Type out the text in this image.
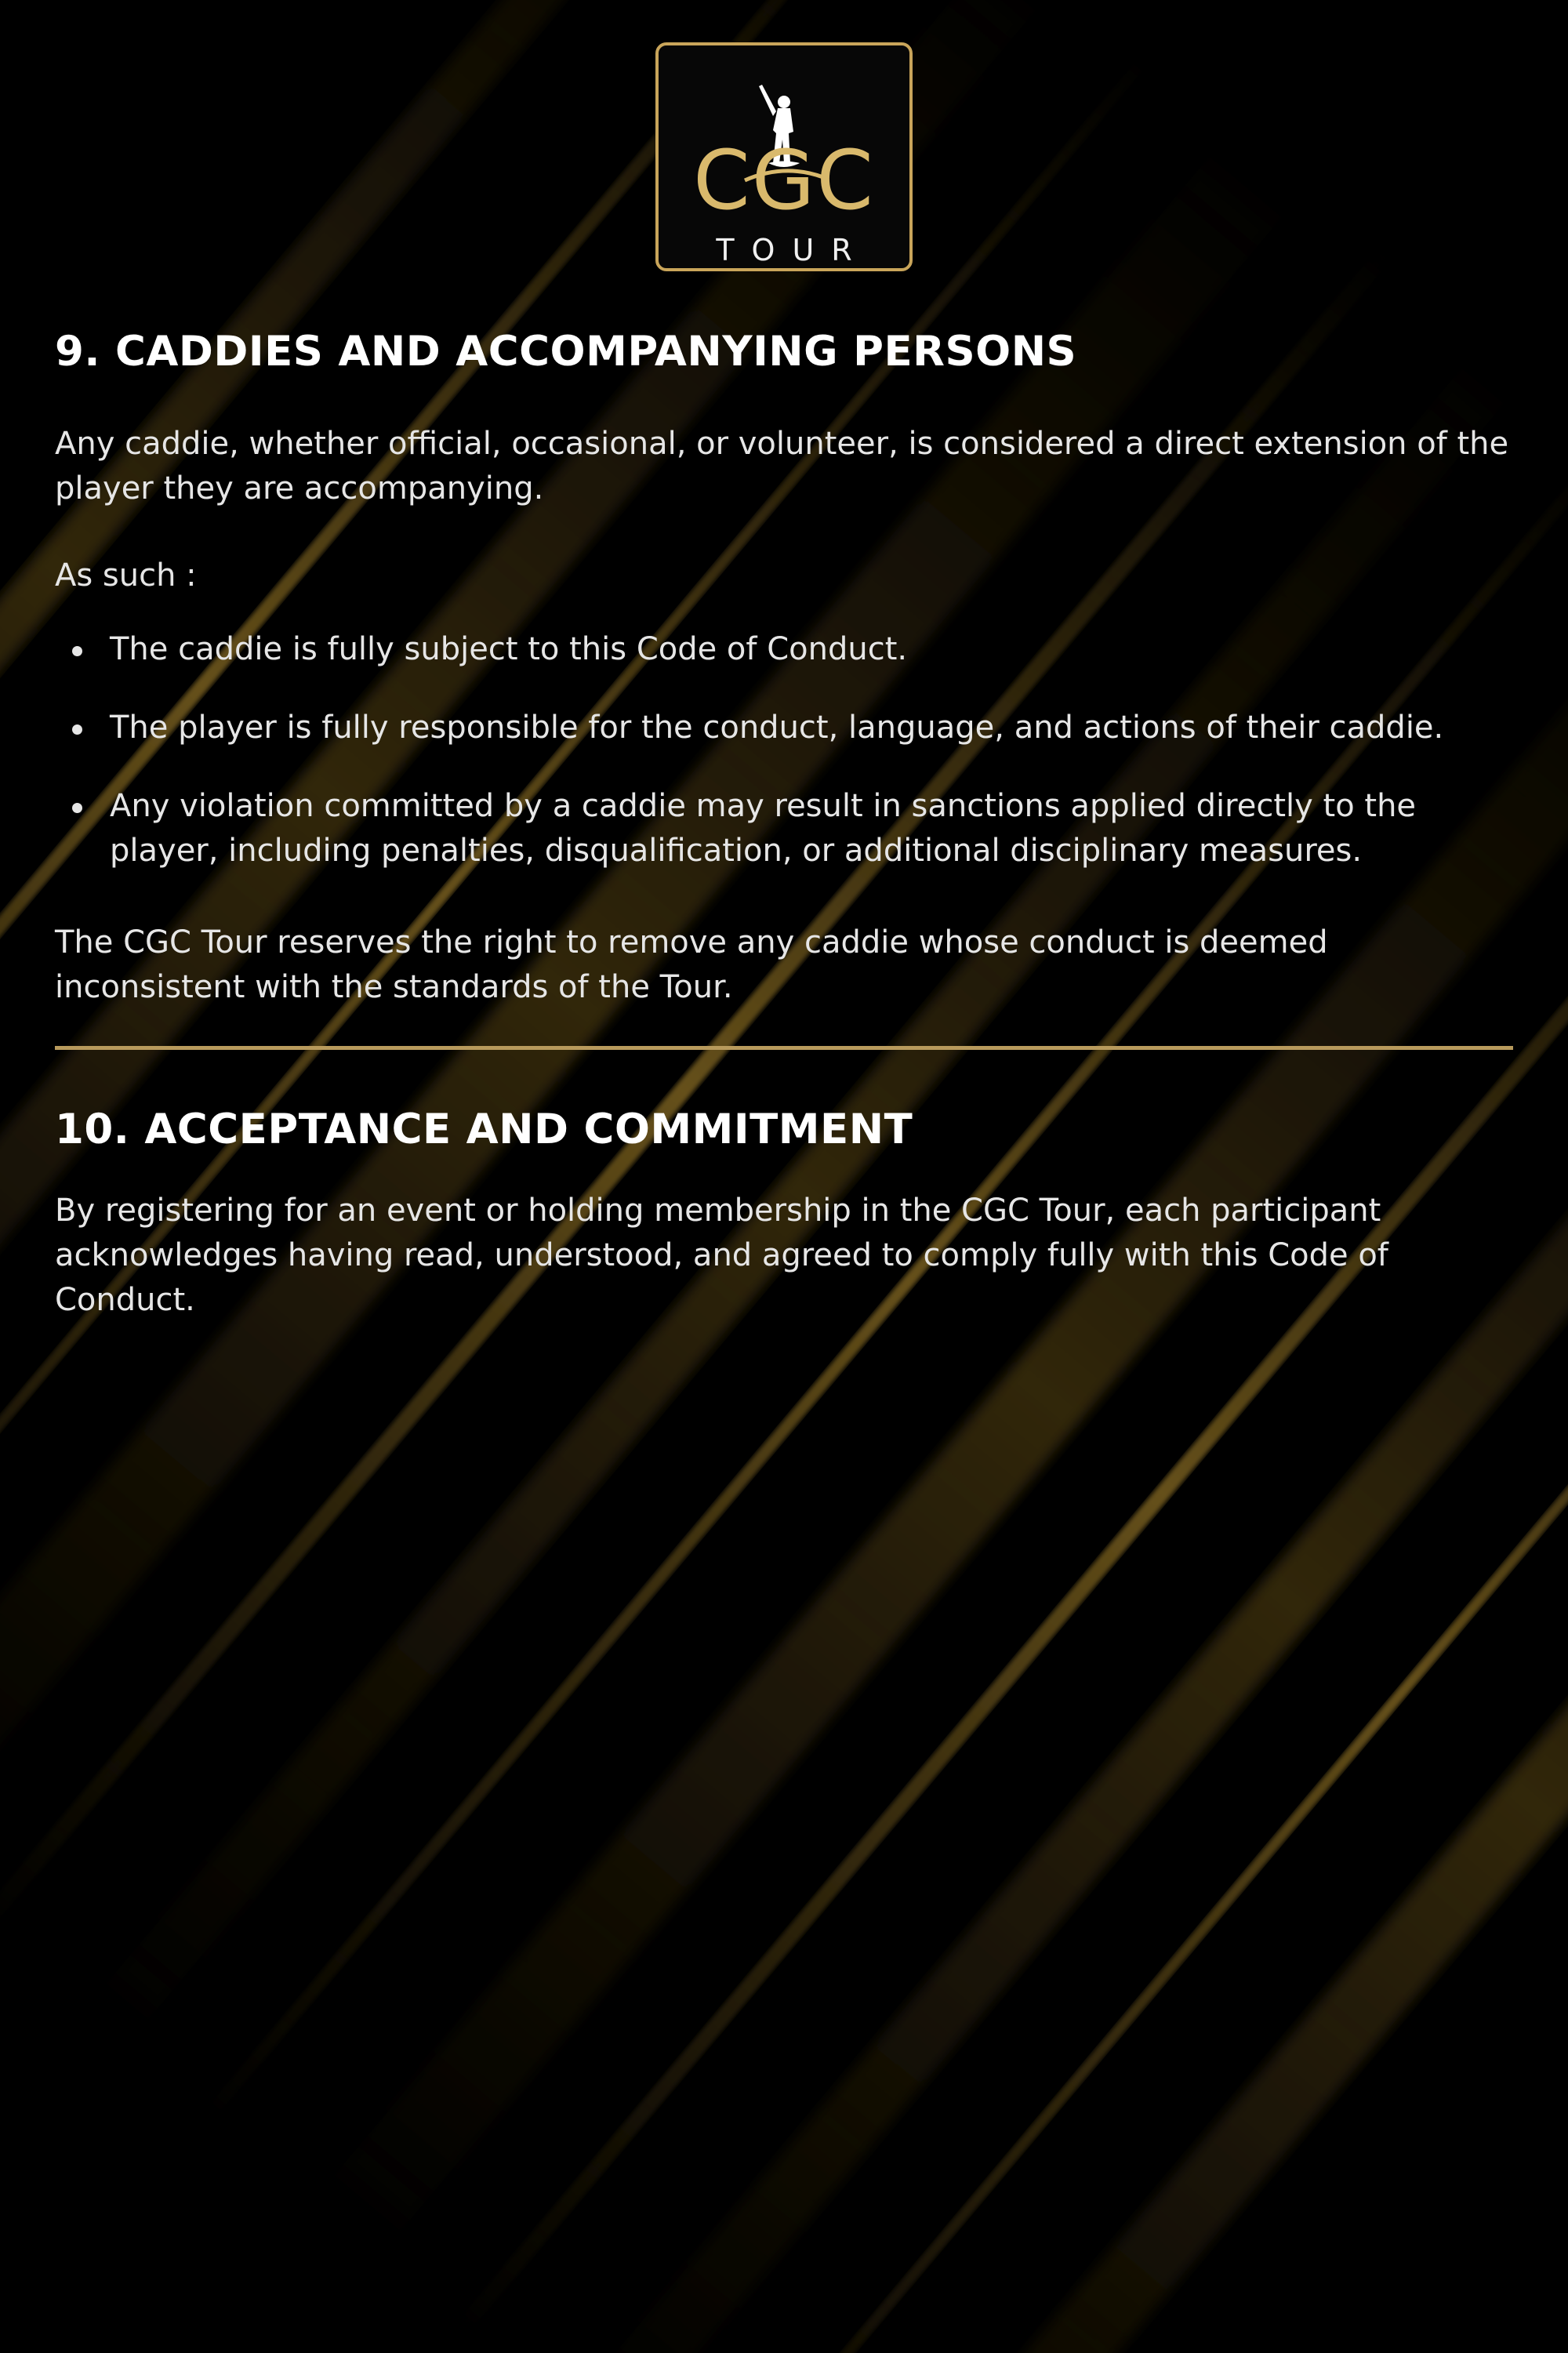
CGC
TOUR
9. CADDIES AND ACCOMPANYING PERSONS

Any caddie, whether official, occasional, or volunteer, is considered a direct extension of the player they are accompanying.

As such :

The caddie is fully subject to this Code of Conduct.
The player is fully responsible for the conduct, language, and actions of their caddie.
Any violation committed by a caddie may result in sanctions applied directly to the player, including penalties, disqualification, or additional disciplinary measures.

The CGC Tour reserves the right to remove any caddie whose conduct is deemed inconsistent with the standards of the Tour.

10. ACCEPTANCE AND COMMITMENT

By registering for an event or holding membership in the CGC Tour, each participant acknowledges having read, understood, and agreed to comply fully with this Code of Conduct.
